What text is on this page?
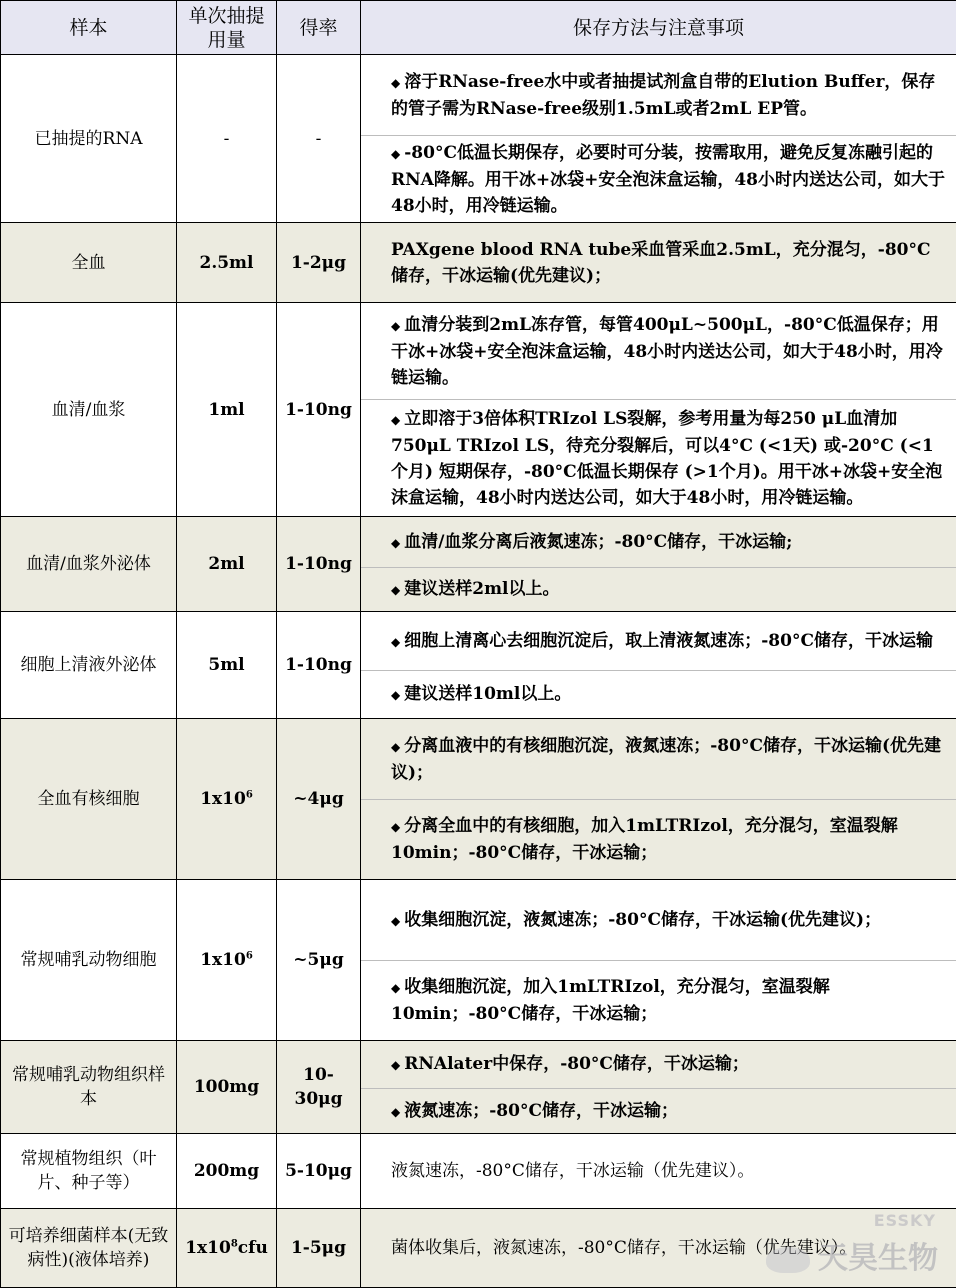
样本	单次抽提
用量	得率	保存方法与注意事项
已抽提的RNA	-	-	◆ 溶于RNase-free水中或者抽提试剂盒自带的Elution Buffer，保存的管子需为RNase-free级别1.5mL或者2mL EP管。
◆ -80°C低温长期保存，必要时可分装，按需取用，避免反复冻融引起的RNA降解。用干冰+冰袋+安全泡沫盒运输，48小时内送达公司，如大于48小时，用冷链运输。

全血	2.5ml	1-2μg	PAXgene blood RNA tube采血管采血2.5mL，充分混匀，-80°C储存，干冰运输(优先建议)；

血清/血浆	1ml	1-10ng	◆ 血清分装到2mL冻存管，每管400μL~500μL，-80°C低温保存；用干冰+冰袋+安全泡沫盒运输，48小时内送达公司，如大于48小时，用冷链运输。
◆ 立即溶于3倍体积TRIzol LS裂解，参考用量为每250 μL血清加750μL TRIzol LS，待充分裂解后，可以4°C (<1天) 或-20°C (<1个月) 短期保存，-80°C低温长期保存 (>1个月)。用干冰+冰袋+安全泡沫盒运输，48小时内送达公司，如大于48小时，用冷链运输。

血清/血浆外泌体	2ml	1-10ng	◆ 血清/血浆分离后液氮速冻；-80°C储存，干冰运输;
◆ 建议送样2ml以上。

细胞上清液外泌体	5ml	1-10ng	◆ 细胞上清离心去细胞沉淀后，取上清液氮速冻；-80°C储存，干冰运输
◆ 建议送样10ml以上。

全血有核细胞	$1x10^6$	~4μg	◆ 分离血液中的有核细胞沉淀，液氮速冻；-80°C储存，干冰运输(优先建议)；
◆ 分离全血中的有核细胞，加入1mLTRIzol，充分混匀，室温裂解10min；-80°C储存，干冰运输；

常规哺乳动物细胞	$1x10^6$	~5μg	◆ 收集细胞沉淀，液氮速冻；-80°C储存，干冰运输(优先建议)；
◆ 收集细胞沉淀，加入1mLTRIzol，充分混匀，室温裂解10min；-80°C储存，干冰运输；

常规哺乳动物组织样本	100mg	10-30μg	◆ RNAlater中保存，-80°C储存，干冰运输；
◆ 液氮速冻；-80°C储存，干冰运输；

常规植物组织（叶片、种子等）	200mg	5-10μg	液氮速冻，-80°C储存，干冰运输（优先建议）。

可培养细菌样本(无致病性)(液体培养)	$1x10^8cfu$	1-5μg	菌体收集后，液氮速冻，-80°C储存，干冰运输（优先建议）。
ESSKY
天昊生物
